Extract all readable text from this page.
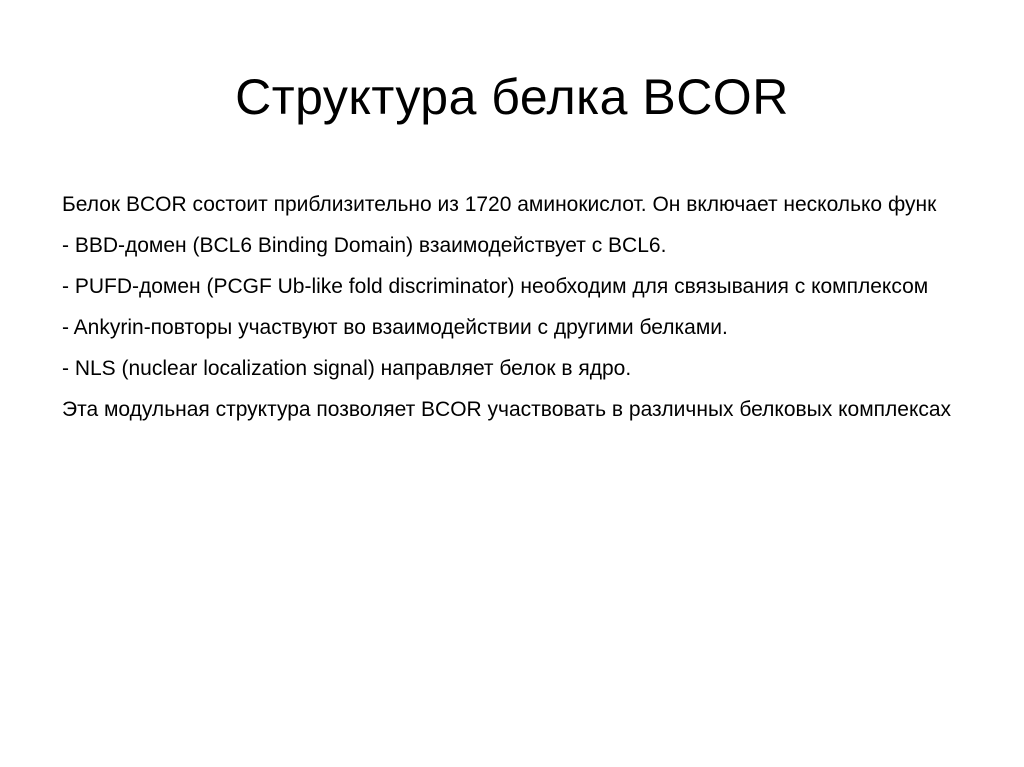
Структура белка BCOR
Белок BCOR состоит приблизительно из 1720 аминокислот. Он включает несколько функ
- BBD-домен (BCL6 Binding Domain) взаимодействует с BCL6.
- PUFD-домен (PCGF Ub-like fold discriminator) необходим для связывания с комплексом
- Ankyrin-повторы участвуют во взаимодействии с другими белками.
- NLS (nuclear localization signal) направляет белок в ядро.
Эта модульная структура позволяет BCOR участвовать в различных белковых комплексах
